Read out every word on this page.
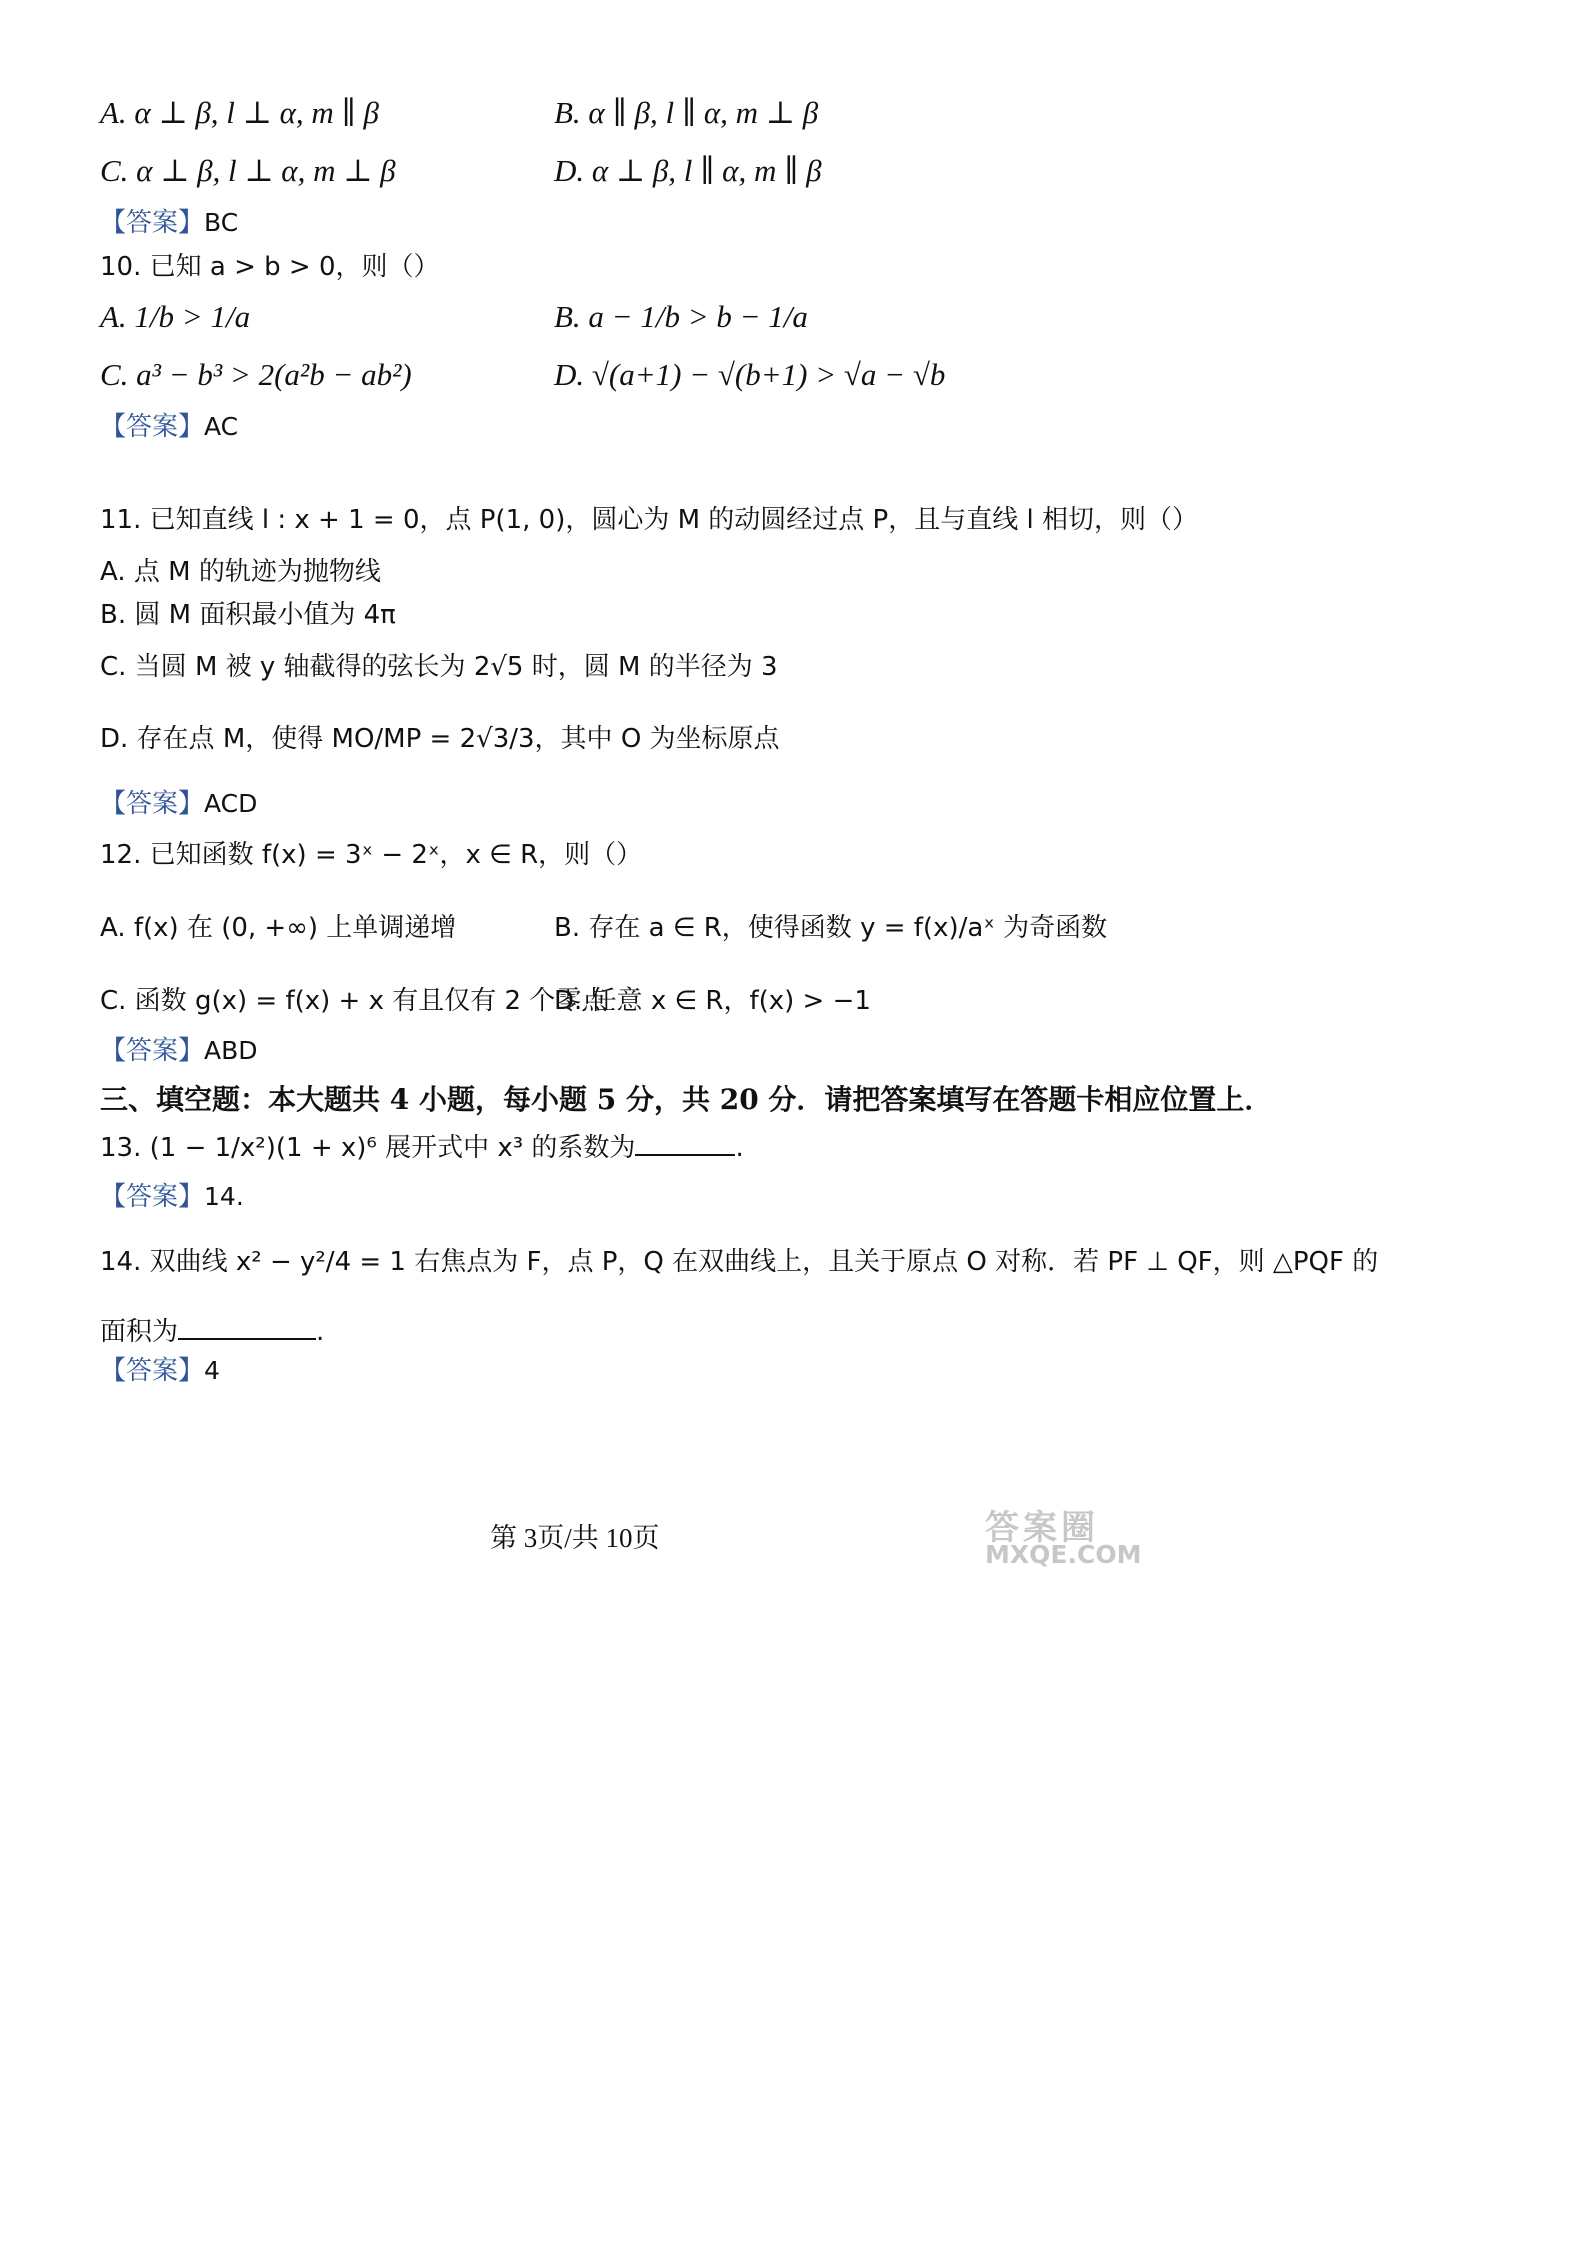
A. α ⊥ β, l ⊥ α, m ∥ β	B. α ∥ β, l ∥ α, m ⊥ β
C. α ⊥ β, l ⊥ α, m ⊥ β	D. α ⊥ β, l ∥ α, m ∥ β
【答案】BC
10. 已知 a > b > 0，则（）
A. 1/b > 1/a	B. a − 1/b > b − 1/a
C. a³ − b³ > 2(a²b − ab²)	D. √(a+1) − √(b+1) > √a − √b
【答案】AC
11. 已知直线 l : x + 1 = 0，点 P(1, 0)，圆心为 M 的动圆经过点 P，且与直线 l 相切，则（）
A. 点 M 的轨迹为抛物线
B. 圆 M 面积最小值为 4π
C. 当圆 M 被 y 轴截得的弦长为 2√5 时，圆 M 的半径为 3
D. 存在点 M，使得 MO/MP = 2√3/3，其中 O 为坐标原点
【答案】ACD
12. 已知函数 f(x) = 3ˣ − 2ˣ，x ∈ R，则（）
A. f(x) 在 (0, +∞) 上单调递增	B. 存在 a ∈ R，使得函数 y = f(x)/aˣ 为奇函数
C. 函数 g(x) = f(x) + x 有且仅有 2 个零点
D. 任意 x ∈ R，f(x) > −1
【答案】ABD
三、填空题：本大题共 4 小题，每小题 5 分，共 20 分．请把答案填写在答题卡相应位置上．
13. (1 − 1/x²)(1 + x)⁶ 展开式中 x³ 的系数为	.
【答案】14.
14. 双曲线 x² − y²/4 = 1 右焦点为 F，点 P，Q 在双曲线上，且关于原点 O 对称．若 PF ⊥ QF，则 △PQF 的
面积为	.
【答案】4
第 3页/共 10页	答案圈
MXQE.COM
